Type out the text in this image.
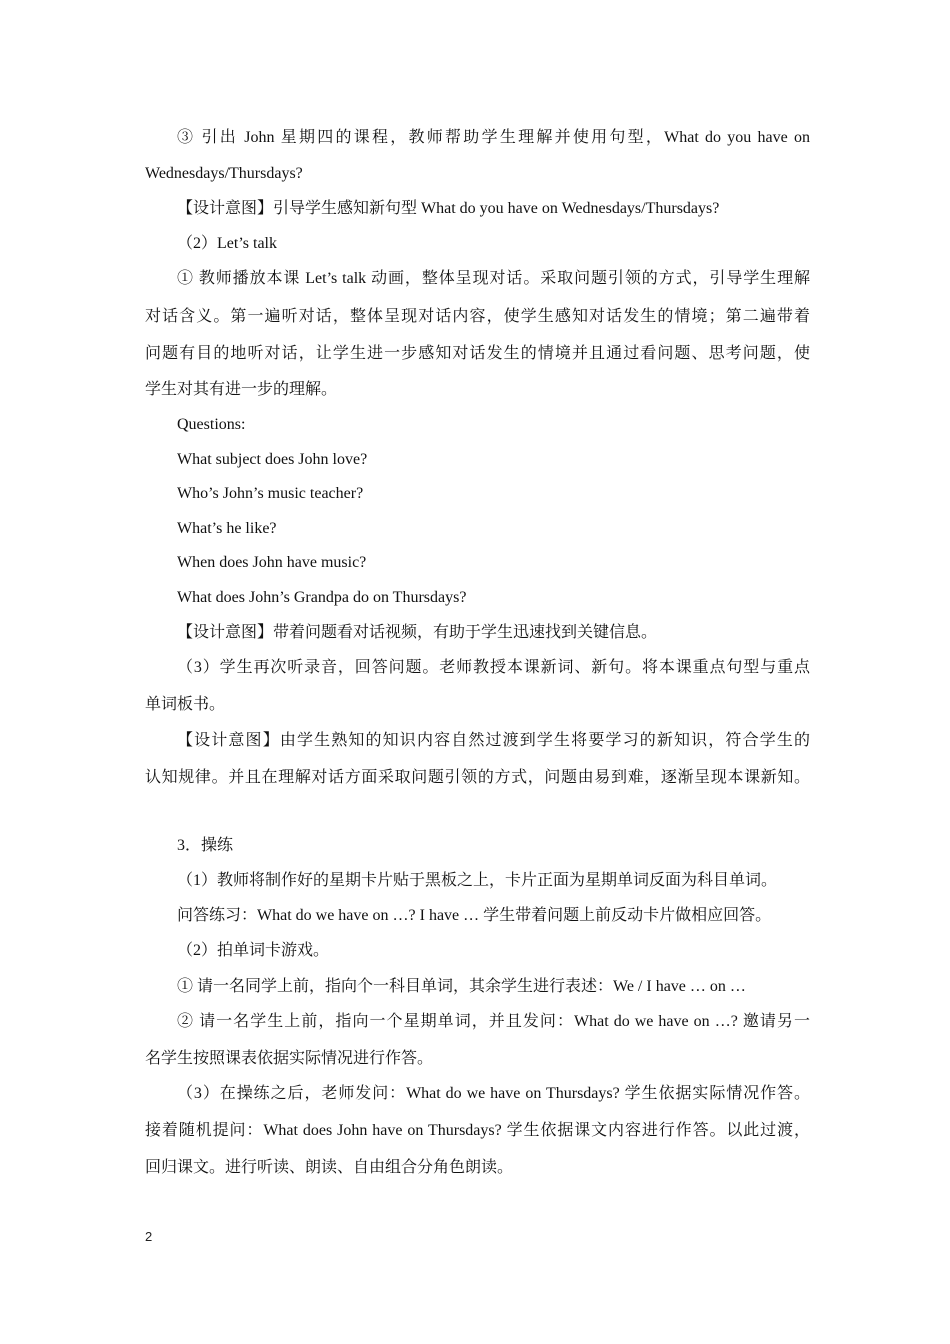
③ 引出 John 星期四的课程，教师帮助学生理解并使用句型，What do you have on
Wednesdays/Thursdays?
【设计意图】引导学生感知新句型 What do you have on Wednesdays/Thursdays?
（2）Let’s talk
① 教师播放本课 Let’s talk 动画，整体呈现对话。采取问题引领的方式，引导学生理解
对话含义。第一遍听对话，整体呈现对话内容，使学生感知对话发生的情境；第二遍带着
问题有目的地听对话，让学生进一步感知对话发生的情境并且通过看问题、思考问题，使
学生对其有进一步的理解。
Questions:
What subject does John love?
Who’s John’s music teacher?
What’s he like?
When does John have music?
What does John’s Grandpa do on Thursdays?
【设计意图】带着问题看对话视频，有助于学生迅速找到关键信息。
（3）学生再次听录音，回答问题。老师教授本课新词、新句。将本课重点句型与重点
单词板书。
【设计意图】由学生熟知的知识内容自然过渡到学生将要学习的新知识，符合学生的
认知规律。并且在理解对话方面采取问题引领的方式，问题由易到难，逐渐呈现本课新知。
3．操练
（1）教师将制作好的星期卡片贴于黑板之上，卡片正面为星期单词反面为科目单词。
问答练习：What do we have on …? I have … 学生带着问题上前反动卡片做相应回答。
（2）拍单词卡游戏。
① 请一名同学上前，指向个一科目单词，其余学生进行表述：We / I have … on …
② 请一名学生上前，指向一个星期单词，并且发问：What do we have on …? 邀请另一
名学生按照课表依据实际情况进行作答。
（3）在操练之后，老师发问：What do we have on Thursdays? 学生依据实际情况作答。
接着随机提问：What does John have on Thursdays? 学生依据课文内容进行作答。以此过渡，
回归课文。进行听读、朗读、自由组合分角色朗读。
2
